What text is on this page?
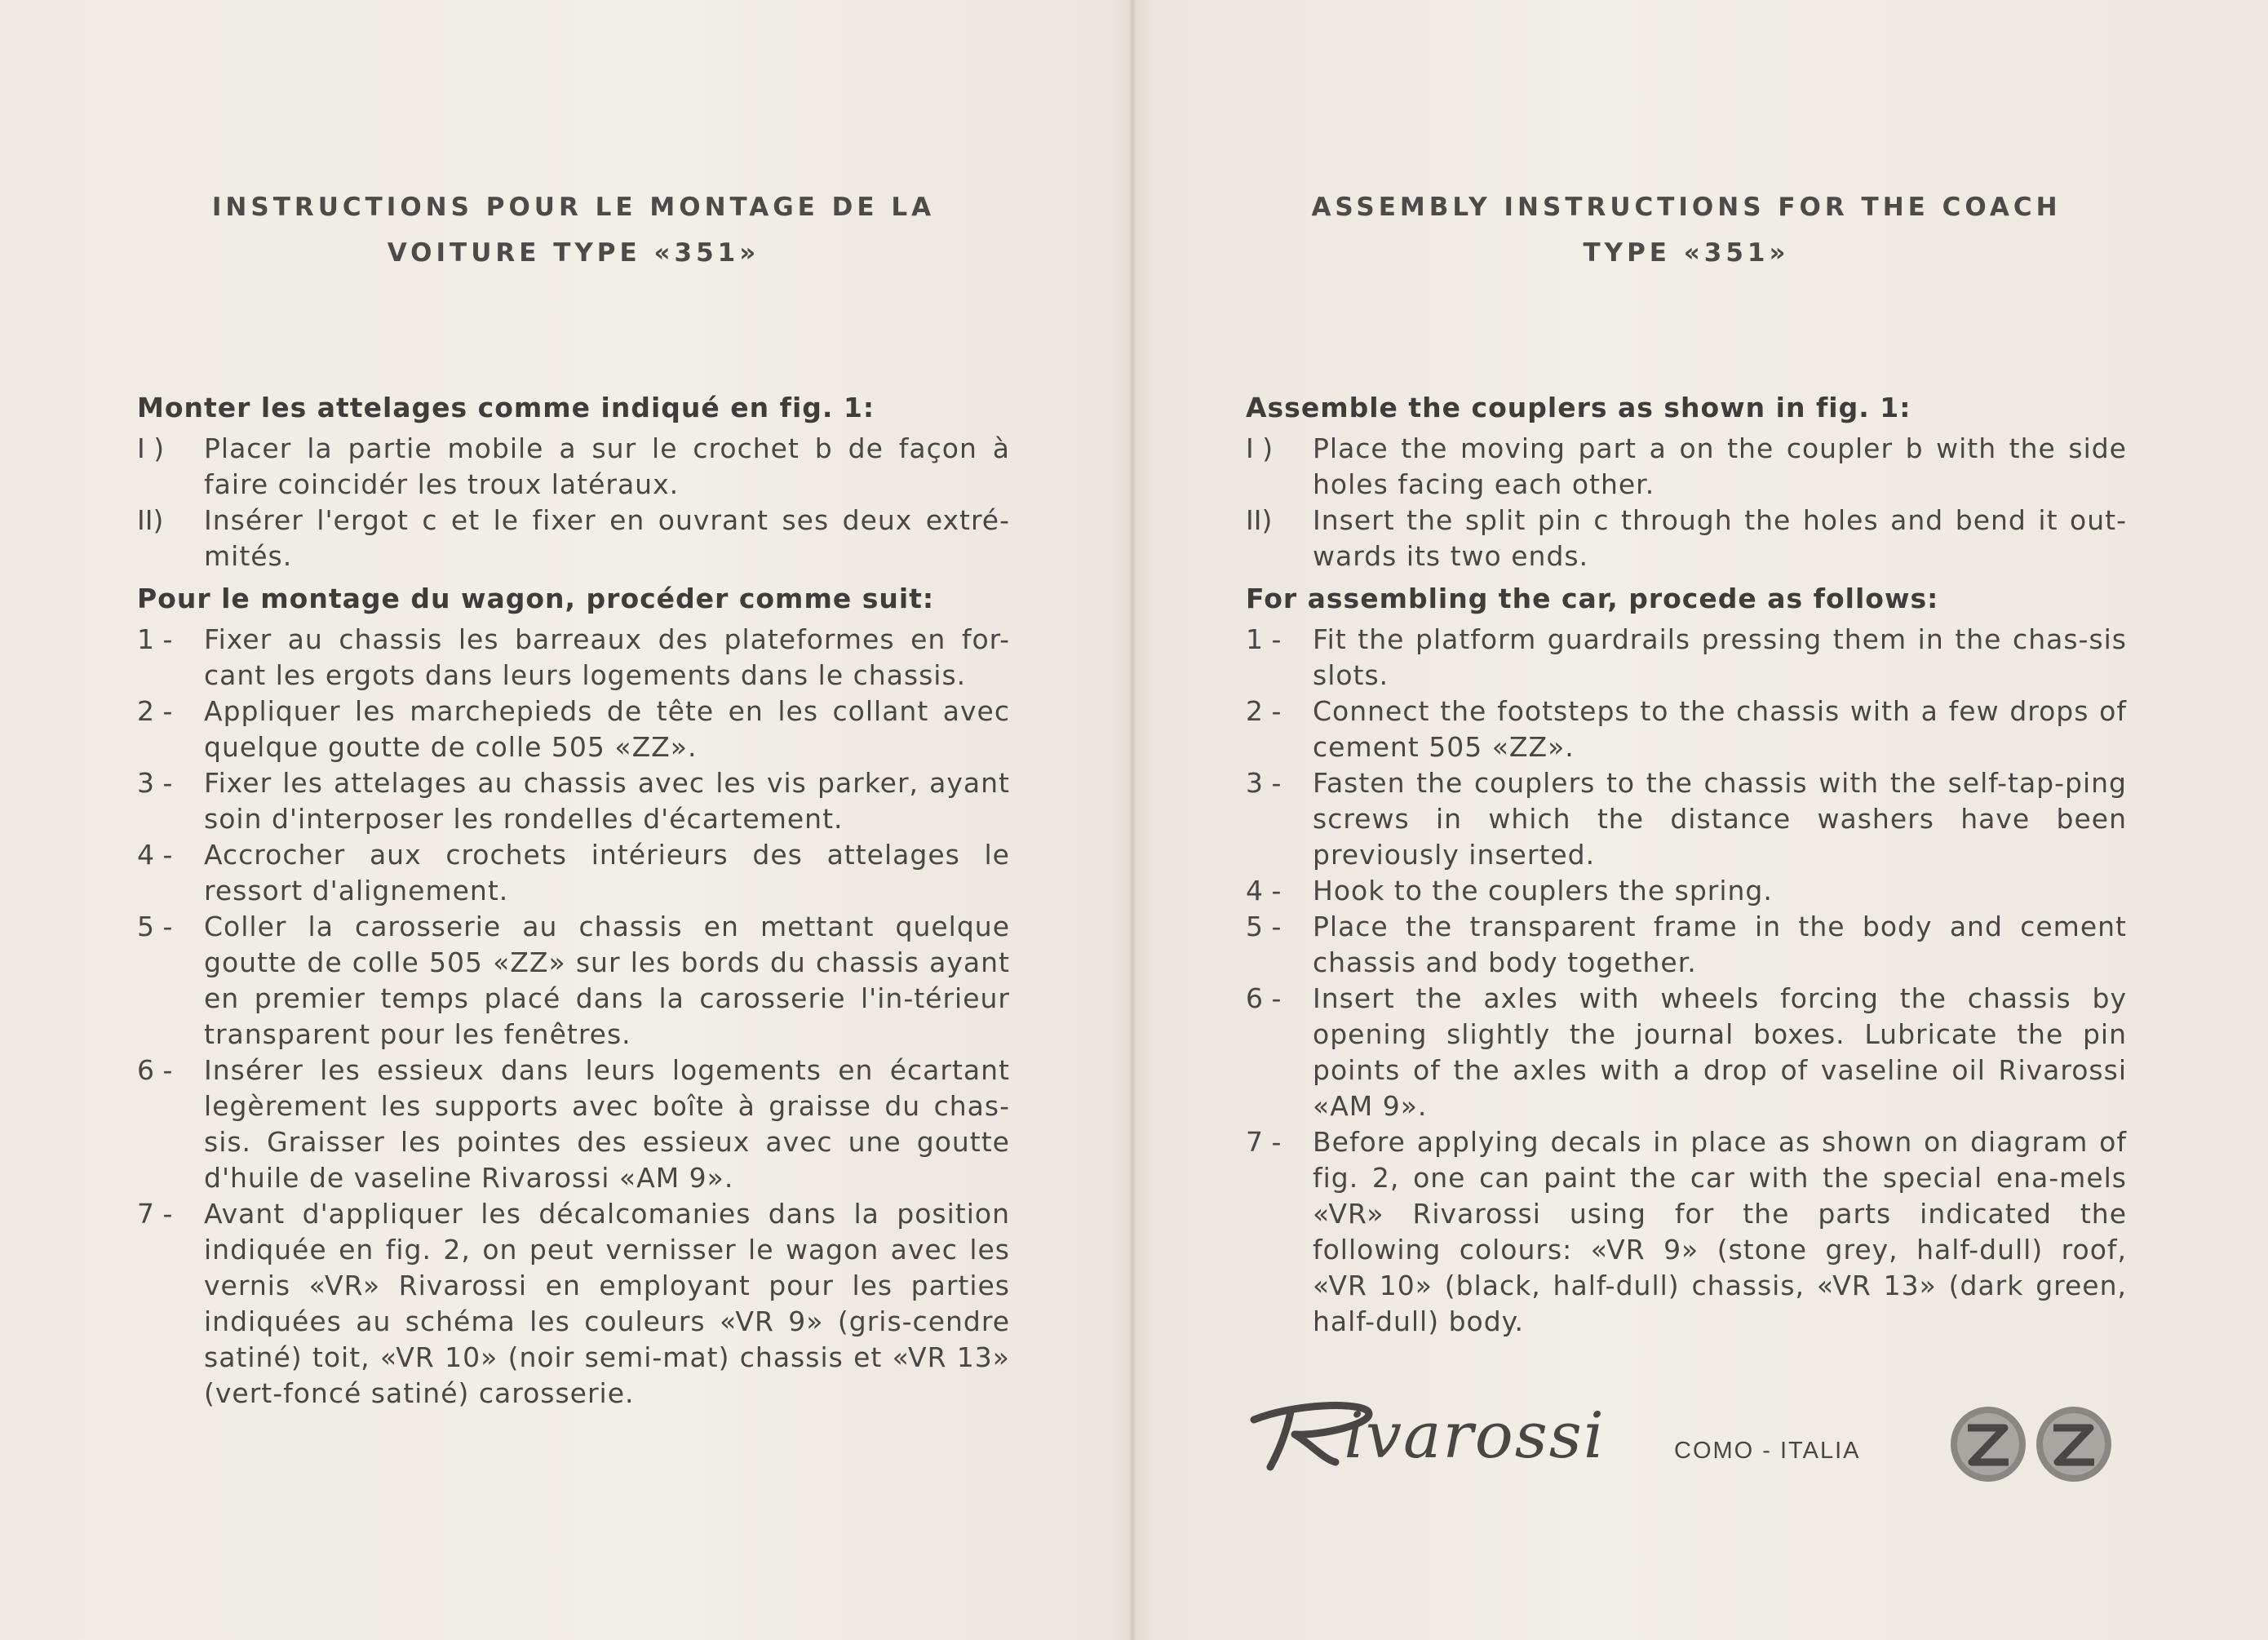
INSTRUCTIONS POUR LE MONTAGE DE LA
VOITURE TYPE «351»
Monter les attelages comme indiqué en fig. 1:
I )	Placer la partie mobile a sur le crochet b de façon à faire coincidér les troux latéraux.
II)	Insérer l'ergot c et le fixer en ouvrant ses deux extré-mités.
Pour le montage du wagon, procéder comme suit:
1 -	Fixer au chassis les barreaux des plateformes en for-cant les ergots dans leurs logements dans le chassis.
2 -	Appliquer les marchepieds de tête en les collant avec quelque goutte de colle 505 «ZZ».
3 -	Fixer les attelages au chassis avec les vis parker, ayant soin d'interposer les rondelles d'écartement.
4 -	Accrocher aux crochets intérieurs des attelages le ressort d'alignement.
5 -	Coller la carosserie au chassis en mettant quelque goutte de colle 505 «ZZ» sur les bords du chassis ayant en premier temps placé dans la carosserie l'in-térieur transparent pour les fenêtres.
6 -	Insérer les essieux dans leurs logements en écartant legèrement les supports avec boîte à graisse du chas-sis. Graisser les pointes des essieux avec une goutte d'huile de vaseline Rivarossi «AM 9».
7 -	Avant d'appliquer les décalcomanies dans la position indiquée en fig. 2, on peut vernisser le wagon avec les vernis «VR» Rivarossi en employant pour les parties indiquées au schéma les couleurs «VR 9» (gris-cendre satiné) toit, «VR 10» (noir semi-mat) chassis et «VR 13» (vert-foncé satiné) carosserie.
ASSEMBLY INSTRUCTIONS FOR THE COACH
TYPE «351»
Assemble the couplers as shown in fig. 1:
I )	Place the moving part a on the coupler b with the side holes facing each other.
II)	Insert the split pin c through the holes and bend it out-wards its two ends.
For assembling the car, procede as follows:
1 -	Fit the platform guardrails pressing them in the chas-sis slots.
2 -	Connect the footsteps to the chassis with a few drops of cement 505 «ZZ».
3 -	Fasten the couplers to the chassis with the self-tap-ping screws in which the distance washers have been previously inserted.
4 -	Hook to the couplers the spring.
5 -	Place the transparent frame in the body and cement chassis and body together.
6 -	Insert the axles with wheels forcing the chassis by opening slightly the journal boxes. Lubricate the pin points of the axles with a drop of vaseline oil Rivarossi «AM 9».
7 -	Before applying decals in place as shown on diagram of fig. 2, one can paint the car with the special ena-mels «VR» Rivarossi using for the parts indicated the following colours: «VR 9» (stone grey, half-dull) roof, «VR 10» (black, half-dull) chassis, «VR 13» (dark green, half-dull) body.
ivarossi	COMO - ITALIA
